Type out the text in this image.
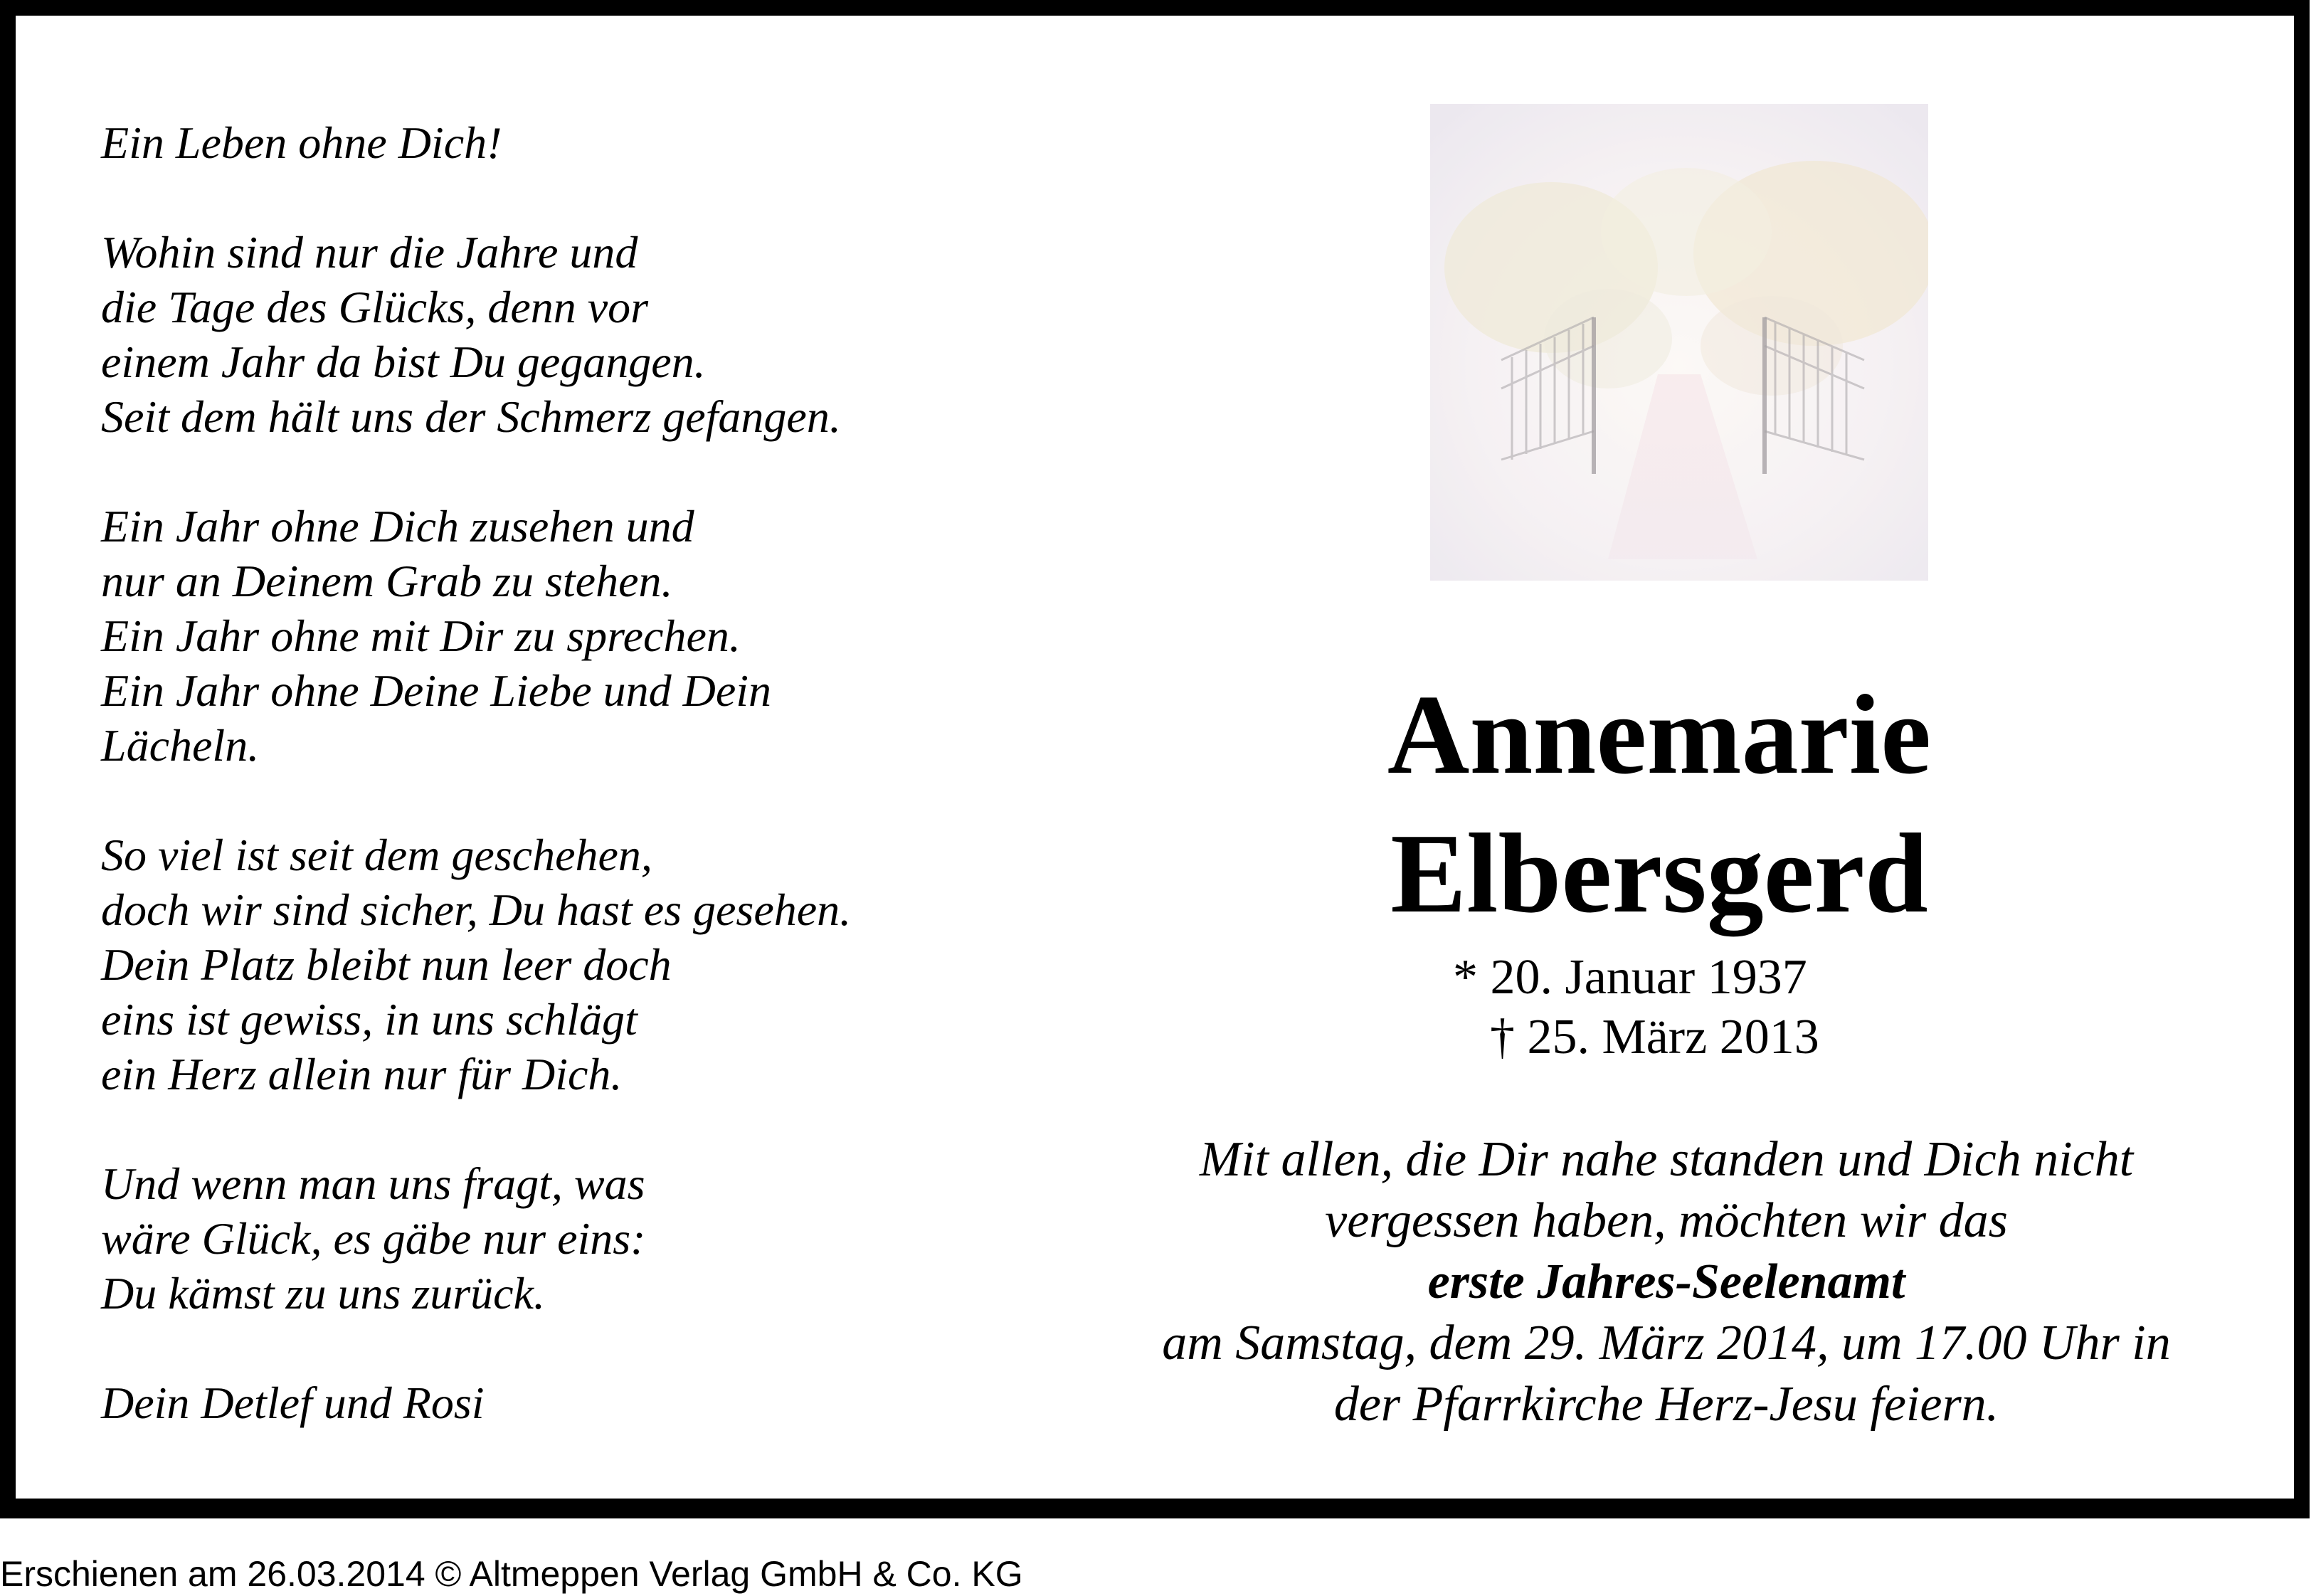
Ein Leben ohne Dich!

Wohin sind nur die Jahre und

die Tage des Glücks, denn vor

einem Jahr da bist Du gegangen.

Seit dem hält uns der Schmerz gefangen.

Ein Jahr ohne Dich zusehen und

nur an Deinem Grab zu stehen.

Ein Jahr ohne mit Dir zu sprechen.

Ein Jahr ohne Deine Liebe und Dein

Lächeln.

So viel ist seit dem geschehen,

doch wir sind sicher, Du hast es gesehen.

Dein Platz bleibt nun leer doch

eins ist gewiss, in uns schlägt

ein Herz allein nur für Dich.

Und wenn man uns fragt, was

wäre Glück, es gäbe nur eins:

Du kämst zu uns zurück.

Dein Detlef und Rosi

Annemarie
Elbersgerd
* 20. Januar 1937
† 25. März 2013
Mit allen, die Dir nahe standen und Dich nicht
vergessen haben, möchten wir das
erste Jahres-Seelenamt
am Samstag, dem 29. März 2014, um 17.00 Uhr in
der Pfarrkirche Herz-Jesu feiern.
Erschienen am 26.03.2014 © Altmeppen Verlag GmbH & Co. KG
